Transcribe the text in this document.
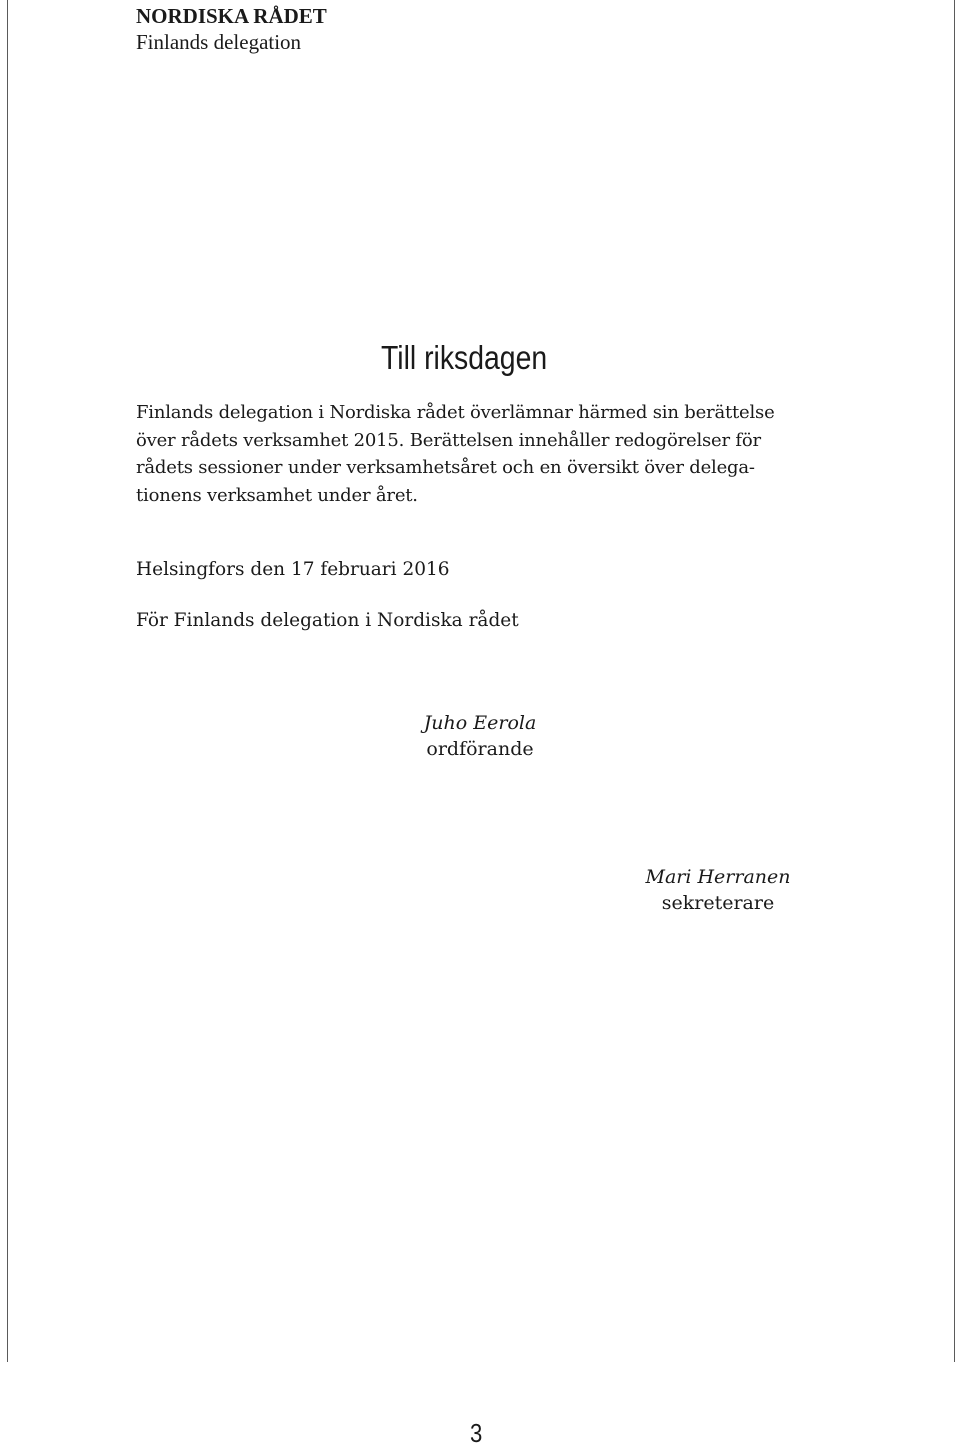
NORDISKA RÅDET
Finlands delegation
Till riksdagen

Finlands delegation i Nordiska rådet överlämnar härmed sin berättelse
över rådets verksamhet 2015. Berättelsen innehåller redogörelser för
rådets sessioner under verksamhetsåret och en översikt över delega-
tionens verksamhet under året.

Helsingfors den 17 februari 2016
För Finlands delegation i Nordiska rådet
Juho Eerola
ordförande
Mari Herranen
sekreterare
3
